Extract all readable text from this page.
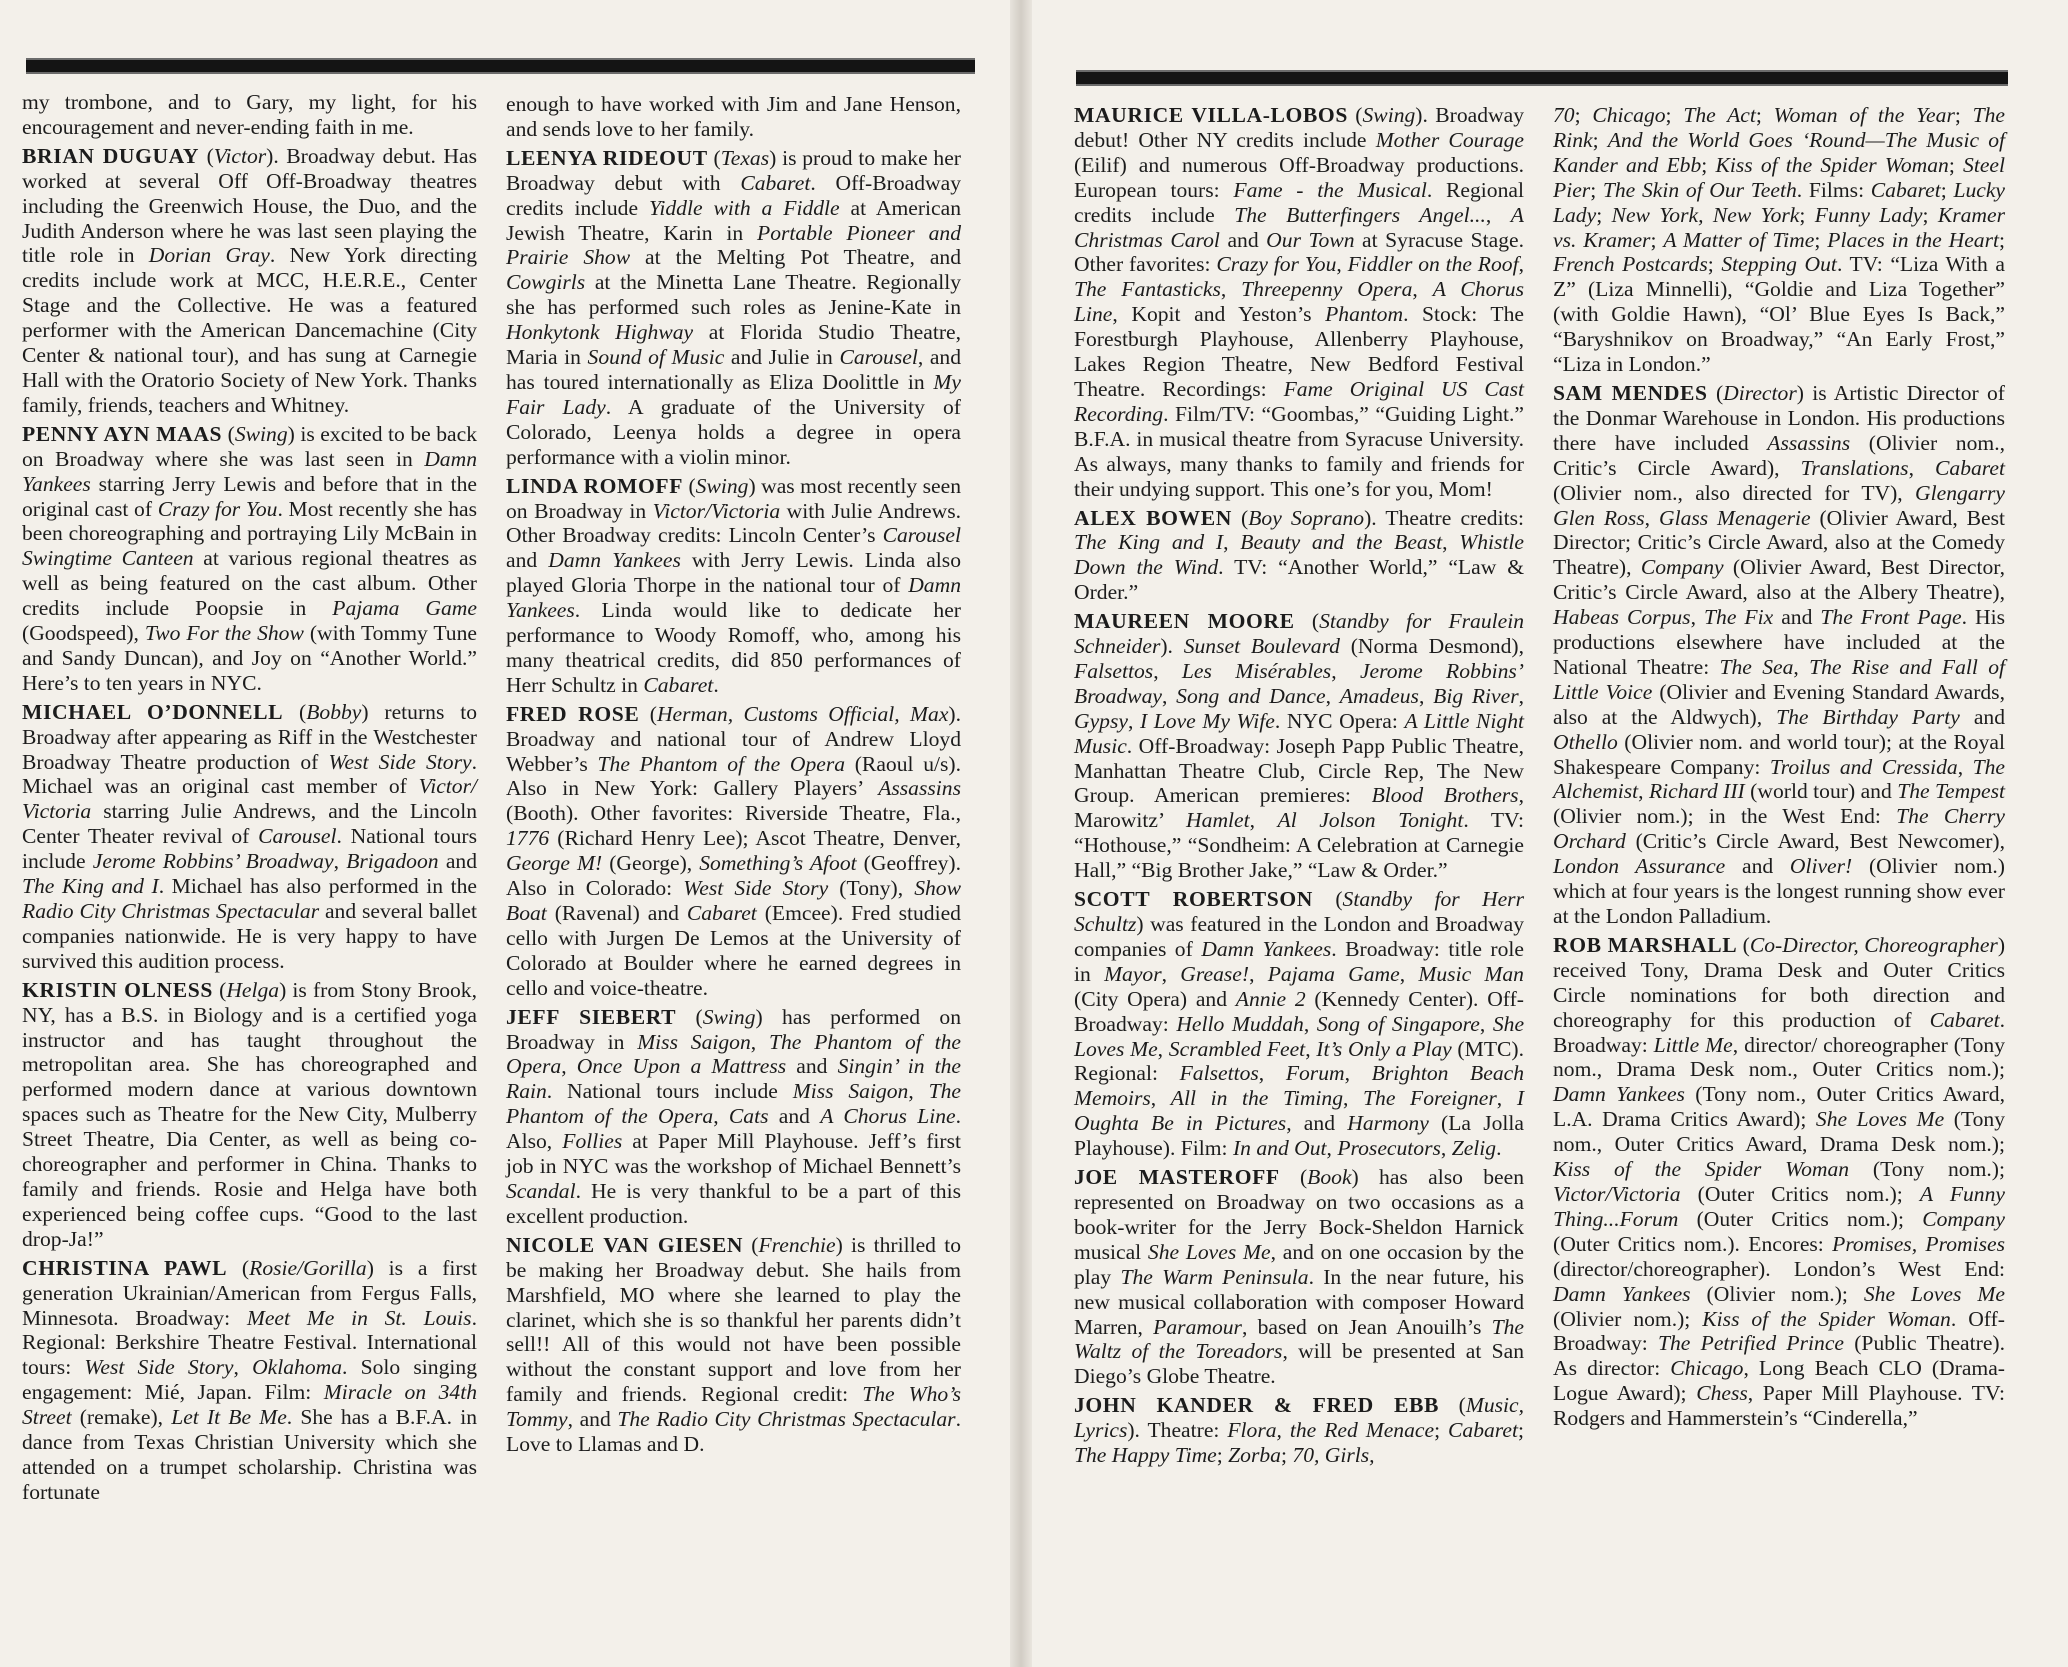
my trombone, and to Gary, my light, for his encouragement and never-ending faith in me.

BRIAN DUGUAY (Victor). Broadway debut. Has worked at several Off Off-Broadway theatres including the Greenwich House, the Duo, and the Judith Anderson where he was last seen playing the title role in Dorian Gray. New York directing credits include work at MCC, H.E.R.E., Center Stage and the Collective. He was a featured performer with the American Dancemachine (City Center & national tour), and has sung at Carnegie Hall with the Oratorio Society of New York. Thanks family, friends, teachers and Whitney.

PENNY AYN MAAS (Swing) is excited to be back on Broadway where she was last seen in Damn Yankees starring Jerry Lewis and before that in the original cast of Crazy for You. Most recently she has been choreographing and portraying Lily McBain in Swingtime Canteen at various regional theatres as well as being featured on the cast album. Other credits include Poopsie in Pajama Game (Goodspeed), Two For the Show (with Tommy Tune and Sandy Duncan), and Joy on “Another World.” Here’s to ten years in NYC.

MICHAEL O’DONNELL (Bobby) returns to Broadway after appearing as Riff in the Westchester Broadway Theatre production of West Side Story. Michael was an original cast member of Victor/ Victoria starring Julie Andrews, and the Lincoln Center Theater revival of Carousel. National tours include Jerome Robbins’ Broadway, Brigadoon and The King and I. Michael has also performed in the Radio City Christmas Spectacular and several ballet companies nationwide. He is very happy to have survived this audition process.

KRISTIN OLNESS (Helga) is from Stony Brook, NY, has a B.S. in Biology and is a certified yoga instructor and has taught throughout the metropolitan area. She has choreographed and performed modern dance at various downtown spaces such as Theatre for the New City, Mulberry Street Theatre, Dia Center, as well as being co-choreographer and performer in China. Thanks to family and friends. Rosie and Helga have both experienced being coffee cups. “Good to the last drop-Ja!”

CHRISTINA PAWL (Rosie/Gorilla) is a first generation Ukrainian/American from Fergus Falls, Minnesota. Broadway: Meet Me in St. Louis. Regional: Berkshire Theatre Festival. International tours: West Side Story, Oklahoma. Solo singing engagement: Mié, Japan. Film: Miracle on 34th Street (remake), Let It Be Me. She has a B.F.A. in dance from Texas Christian University which she attended on a trumpet scholarship. Christina was fortunate

enough to have worked with Jim and Jane Henson, and sends love to her family.

LEENYA RIDEOUT (Texas) is proud to make her Broadway debut with Cabaret. Off-Broadway credits include Yiddle with a Fiddle at American Jewish Theatre, Karin in Portable Pioneer and Prairie Show at the Melting Pot Theatre, and Cowgirls at the Minetta Lane Theatre. Regionally she has performed such roles as Jenine-Kate in Honkytonk Highway at Florida Studio Theatre, Maria in Sound of Music and Julie in Carousel, and has toured internationally as Eliza Doolittle in My Fair Lady. A graduate of the University of Colorado, Leenya holds a degree in opera performance with a violin minor.

LINDA ROMOFF (Swing) was most recently seen on Broadway in Victor/Victoria with Julie Andrews. Other Broadway credits: Lincoln Center’s Carousel and Damn Yankees with Jerry Lewis. Linda also played Gloria Thorpe in the national tour of Damn Yankees. Linda would like to dedicate her performance to Woody Romoff, who, among his many theatrical credits, did 850 performances of Herr Schultz in Cabaret.

FRED ROSE (Herman, Customs Official, Max). Broadway and national tour of Andrew Lloyd Webber’s The Phantom of the Opera (Raoul u/s). Also in New York: Gallery Players’ Assassins (Booth). Other favorites: Riverside Theatre, Fla., 1776 (Richard Henry Lee); Ascot Theatre, Denver, George M! (George), Something’s Afoot (Geoffrey). Also in Colorado: West Side Story (Tony), Show Boat (Ravenal) and Cabaret (Emcee). Fred studied cello with Jurgen De Lemos at the University of Colorado at Boulder where he earned degrees in cello and voice-theatre.

JEFF SIEBERT (Swing) has performed on Broadway in Miss Saigon, The Phantom of the Opera, Once Upon a Mattress and Singin’ in the Rain. National tours include Miss Saigon, The Phantom of the Opera, Cats and A Chorus Line. Also, Follies at Paper Mill Playhouse. Jeff’s first job in NYC was the workshop of Michael Bennett’s Scandal. He is very thankful to be a part of this excellent production.

NICOLE VAN GIESEN (Frenchie) is thrilled to be making her Broadway debut. She hails from Marshfield, MO where she learned to play the clarinet, which she is so thankful her parents didn’t sell!! All of this would not have been possible without the constant support and love from her family and friends. Regional credit: The Who’s Tommy, and The Radio City Christmas Spectacular. Love to Llamas and D.

MAURICE VILLA-LOBOS (Swing). Broadway debut! Other NY credits include Mother Courage (Eilif) and numerous Off-Broadway productions. European tours: Fame - the Musical. Regional credits include The Butterfingers Angel..., A Christmas Carol and Our Town at Syracuse Stage. Other favorites: Crazy for You, Fiddler on the Roof, The Fantasticks, Threepenny Opera, A Chorus Line, Kopit and Yeston’s Phantom. Stock: The Forestburgh Playhouse, Allenberry Playhouse, Lakes Region Theatre, New Bedford Festival Theatre. Recordings: Fame Original US Cast Recording. Film/TV: “Goombas,” “Guiding Light.” B.F.A. in musical theatre from Syracuse University. As always, many thanks to family and friends for their undying support. This one’s for you, Mom!

ALEX BOWEN (Boy Soprano). Theatre credits: The King and I, Beauty and the Beast, Whistle Down the Wind. TV: “Another World,” “Law & Order.”

MAUREEN MOORE (Standby for Fraulein Schneider). Sunset Boulevard (Norma Desmond), Falsettos, Les Misérables, Jerome Robbins’ Broadway, Song and Dance, Amadeus, Big River, Gypsy, I Love My Wife. NYC Opera: A Little Night Music. Off-Broadway: Joseph Papp Public Theatre, Manhattan Theatre Club, Circle Rep, The New Group. American premieres: Blood Brothers, Marowitz’ Hamlet, Al Jolson Tonight. TV: “Hothouse,” “Sondheim: A Celebration at Carnegie Hall,” “Big Brother Jake,” “Law & Order.”

SCOTT ROBERTSON (Standby for Herr Schultz) was featured in the London and Broadway companies of Damn Yankees. Broadway: title role in Mayor, Grease!, Pajama Game, Music Man (City Opera) and Annie 2 (Kennedy Center). Off-Broadway: Hello Muddah, Song of Singapore, She Loves Me, Scrambled Feet, It’s Only a Play (MTC). Regional: Falsettos, Forum, Brighton Beach Memoirs, All in the Timing, The Foreigner, I Oughta Be in Pictures, and Harmony (La Jolla Playhouse). Film: In and Out, Prosecutors, Zelig.

JOE MASTEROFF (Book) has also been represented on Broadway on two occasions as a book-writer for the Jerry Bock-Sheldon Harnick musical She Loves Me, and on one occasion by the play The Warm Peninsula. In the near future, his new musical collaboration with composer Howard Marren, Paramour, based on Jean Anouilh’s The Waltz of the Toreadors, will be presented at San Diego’s Globe Theatre.

JOHN KANDER & FRED EBB (Music, Lyrics). Theatre: Flora, the Red Menace; Cabaret; The Happy Time; Zorba; 70, Girls,

70; Chicago; The Act; Woman of the Year; The Rink; And the World Goes ‘Round—The Music of Kander and Ebb; Kiss of the Spider Woman; Steel Pier; The Skin of Our Teeth. Films: Cabaret; Lucky Lady; New York, New York; Funny Lady; Kramer vs. Kramer; A Matter of Time; Places in the Heart; French Postcards; Stepping Out. TV: “Liza With a Z” (Liza Minnelli), “Goldie and Liza Together” (with Goldie Hawn), “Ol’ Blue Eyes Is Back,” “Baryshnikov on Broadway,” “An Early Frost,” “Liza in London.”

SAM MENDES (Director) is Artistic Director of the Donmar Warehouse in London. His productions there have included Assassins (Olivier nom., Critic’s Circle Award), Translations, Cabaret (Olivier nom., also directed for TV), Glengarry Glen Ross, Glass Menagerie (Olivier Award, Best Director; Critic’s Circle Award, also at the Comedy Theatre), Company (Olivier Award, Best Director, Critic’s Circle Award, also at the Albery Theatre), Habeas Corpus, The Fix and The Front Page. His productions elsewhere have included at the National Theatre: The Sea, The Rise and Fall of Little Voice (Olivier and Evening Standard Awards, also at the Aldwych), The Birthday Party and Othello (Olivier nom. and world tour); at the Royal Shakespeare Company: Troilus and Cressida, The Alchemist, Richard III (world tour) and The Tempest (Olivier nom.); in the West End: The Cherry Orchard (Critic’s Circle Award, Best Newcomer), London Assurance and Oliver! (Olivier nom.) which at four years is the longest running show ever at the London Palladium.

ROB MARSHALL (Co-Director, Choreographer) received Tony, Drama Desk and Outer Critics Circle nominations for both direction and choreography for this production of Cabaret. Broadway: Little Me, director/ choreographer (Tony nom., Drama Desk nom., Outer Critics nom.); Damn Yankees (Tony nom., Outer Critics Award, L.A. Drama Critics Award); She Loves Me (Tony nom., Outer Critics Award, Drama Desk nom.); Kiss of the Spider Woman (Tony nom.); Victor/Victoria (Outer Critics nom.); A Funny Thing...Forum (Outer Critics nom.); Company (Outer Critics nom.). Encores: Promises, Promises (director/choreographer). London’s West End: Damn Yankees (Olivier nom.); She Loves Me (Olivier nom.); Kiss of the Spider Woman. Off-Broadway: The Petrified Prince (Public Theatre). As director: Chicago, Long Beach CLO (Drama-Logue Award); Chess, Paper Mill Playhouse. TV: Rodgers and Hammerstein’s “Cinderella,”
